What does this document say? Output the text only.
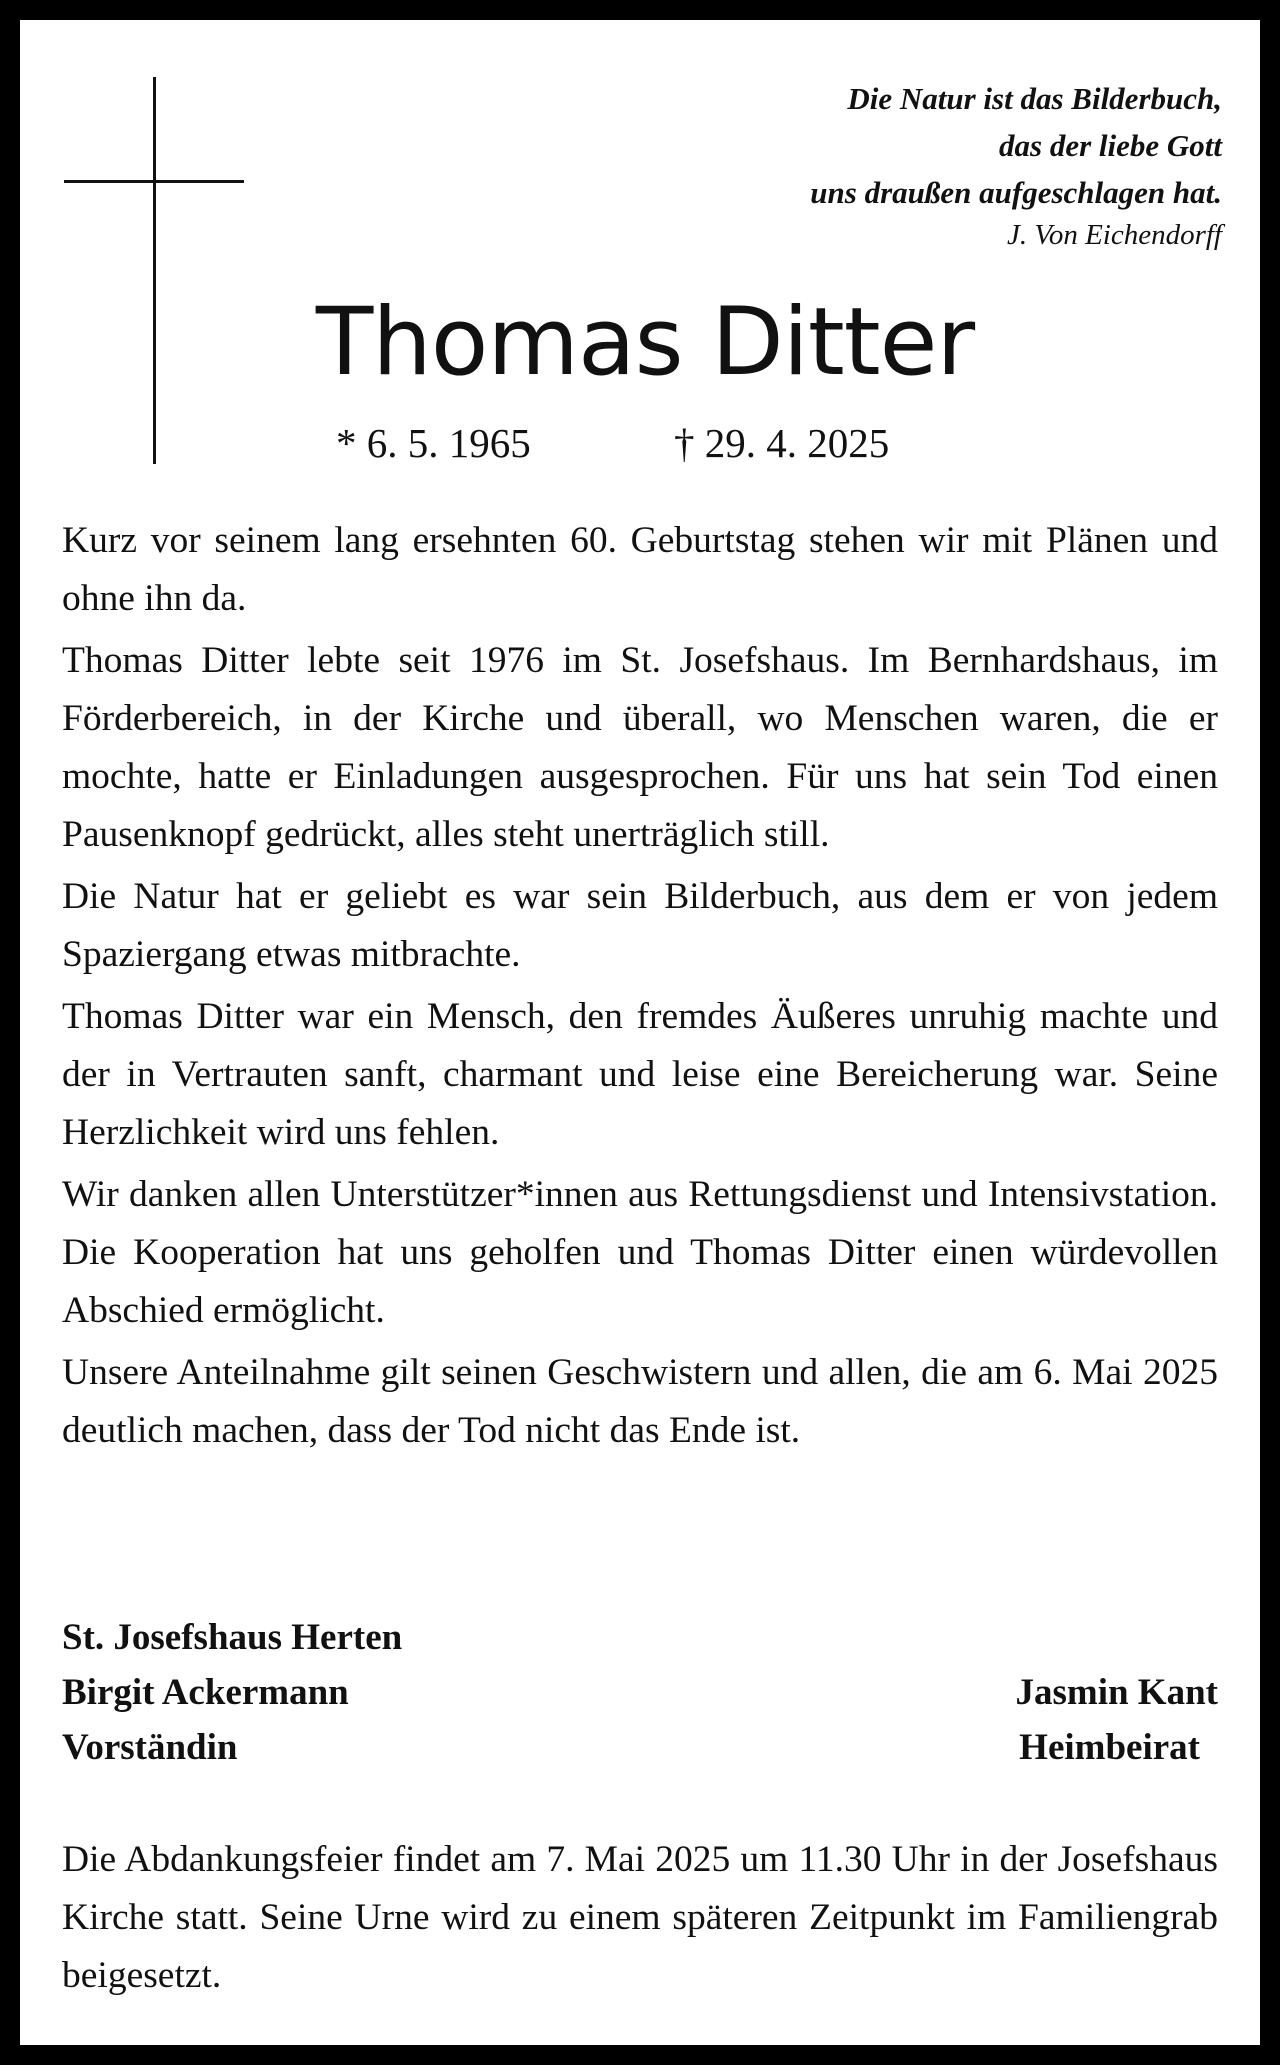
Die Natur ist das Bilderbuch,
das der liebe Gott
uns draußen aufgeschlagen hat.
J. Von Eichendorff
Thomas Ditter

* 6. 5. 1965

	† 29. 4. 2025

Kurz vor seinem lang ersehnten 60. Geburtstag stehen wir mit Plänen und ohne ihn da.

Thomas Ditter lebte seit 1976 im St. Josefshaus. Im Bernhardshaus, im Förderbereich, in der Kirche und überall, wo Menschen waren, die er mochte, hatte er Einladungen ausgesprochen. Für uns hat sein Tod einen Pausenknopf gedrückt, alles steht unerträglich still.

Die Natur hat er geliebt es war sein Bilderbuch, aus dem er von jedem Spaziergang etwas mitbrachte.

Thomas Ditter war ein Mensch, den fremdes Äußeres unruhig machte und der in Vertrauten sanft, charmant und leise eine Bereicherung war. Seine Herzlichkeit wird uns fehlen.

Wir danken allen Unterstützer*innen aus Rettungsdienst und Intensivstation. Die Kooperation hat uns geholfen und Thomas Ditter einen würdevollen Abschied ermöglicht.

Unsere Anteilnahme gilt seinen Geschwistern und allen, die am 6. Mai 2025 deutlich machen, dass der Tod nicht das Ende ist.

St. Josefshaus Herten
Birgit Ackermann	Jasmin Kant
Vorständin	Heimbeirat

Die Abdankungsfeier findet am 7. Mai 2025 um 11.30 Uhr in der Josefshaus Kirche statt. Seine Urne wird zu einem späteren Zeitpunkt im Familiengrab beigesetzt.
